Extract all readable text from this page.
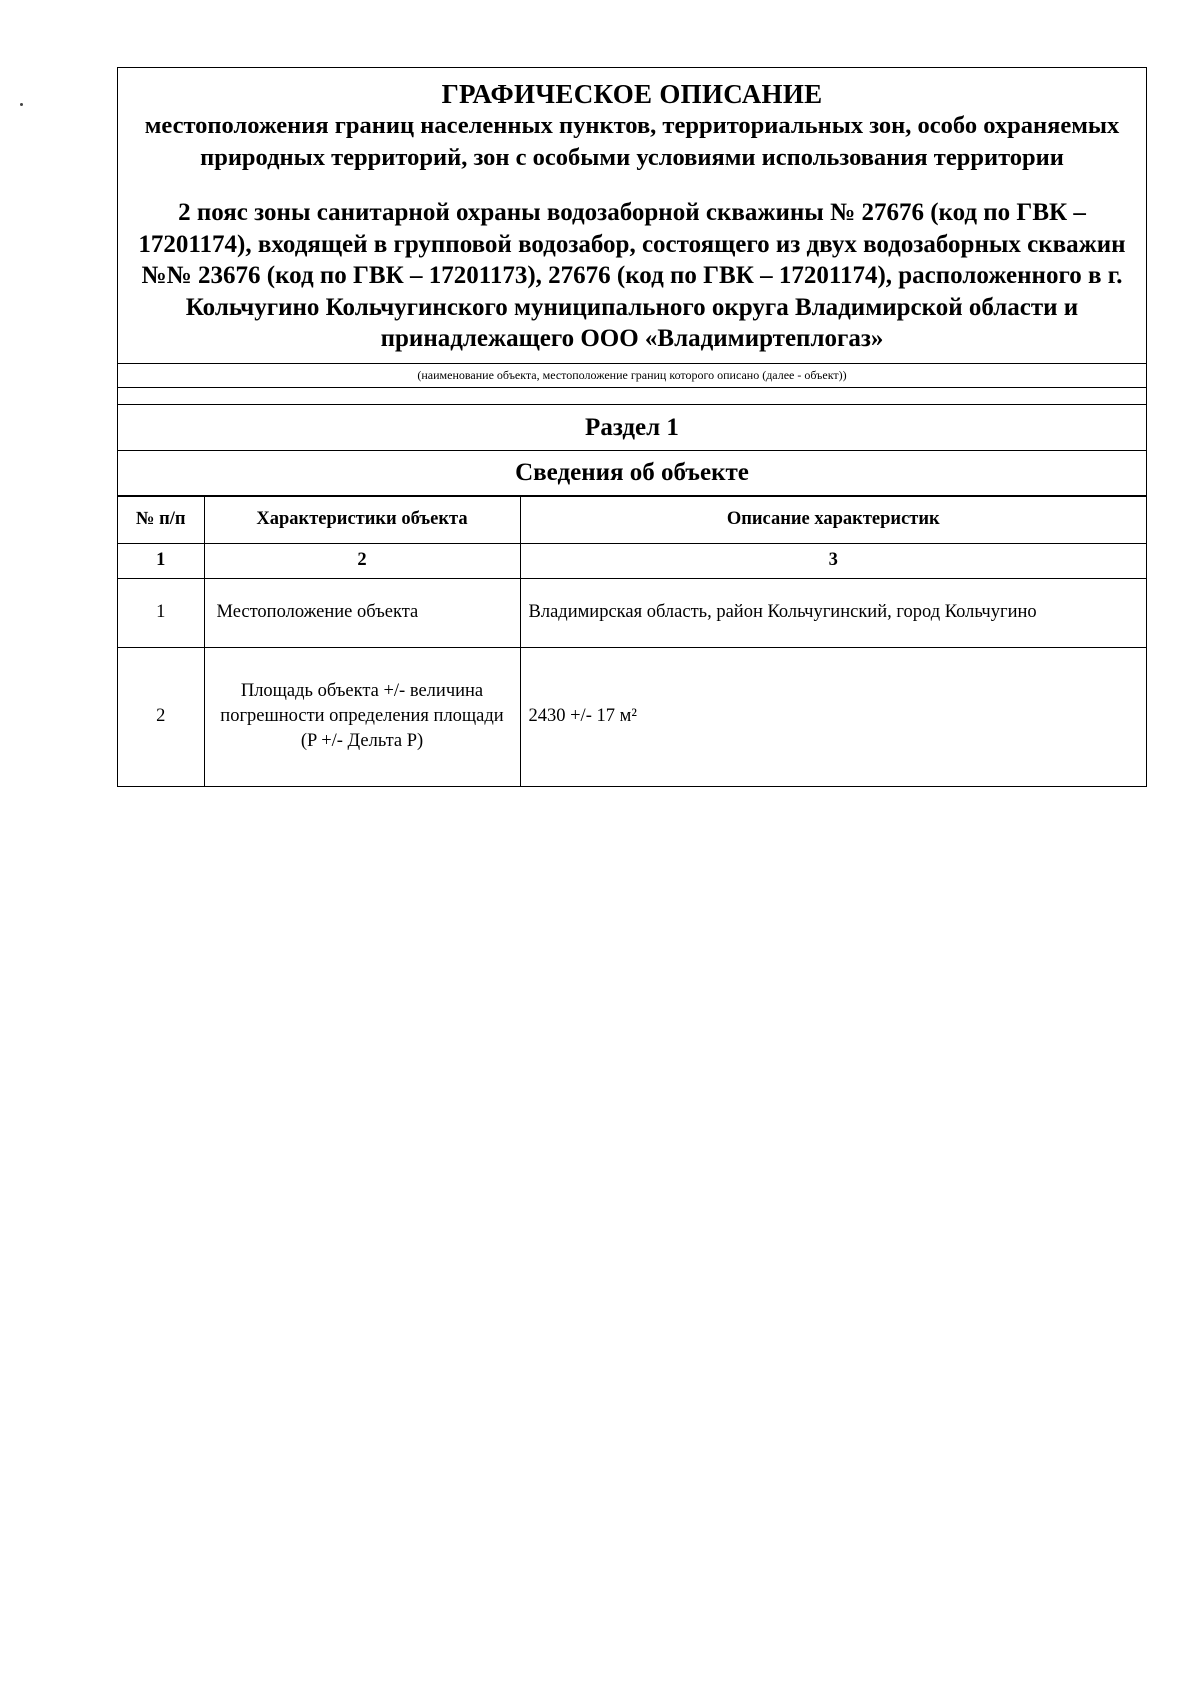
ГРАФИЧЕСКОЕ ОПИСАНИЕ
местоположения границ населенных пунктов, территориальных зон, особо охраняемых природных территорий, зон с особыми условиями использования территории
2 пояс зоны санитарной охраны водозаборной скважины № 27676 (код по ГВК – 17201174), входящей в групповой водозабор, состоящего из двух водозаборных скважин №№ 23676 (код по ГВК – 17201173), 27676 (код по ГВК – 17201174), расположенного в г. Кольчугино Кольчугинского муниципального округа Владимирской области и принадлежащего ООО «Владимиртеплогаз»
(наименование объекта, местоположение границ которого описано (далее - объект))
Раздел 1
Сведения об объекте
№ п/п	Характеристики объекта	Описание характеристик
1	2	3
1	Местоположение объекта	Владимирская область, район Кольчугинский, город Кольчугино
2	Площадь объекта +/- величина погрешности определения площади (P +/- Дельта P)	2430 +/- 17 м²
